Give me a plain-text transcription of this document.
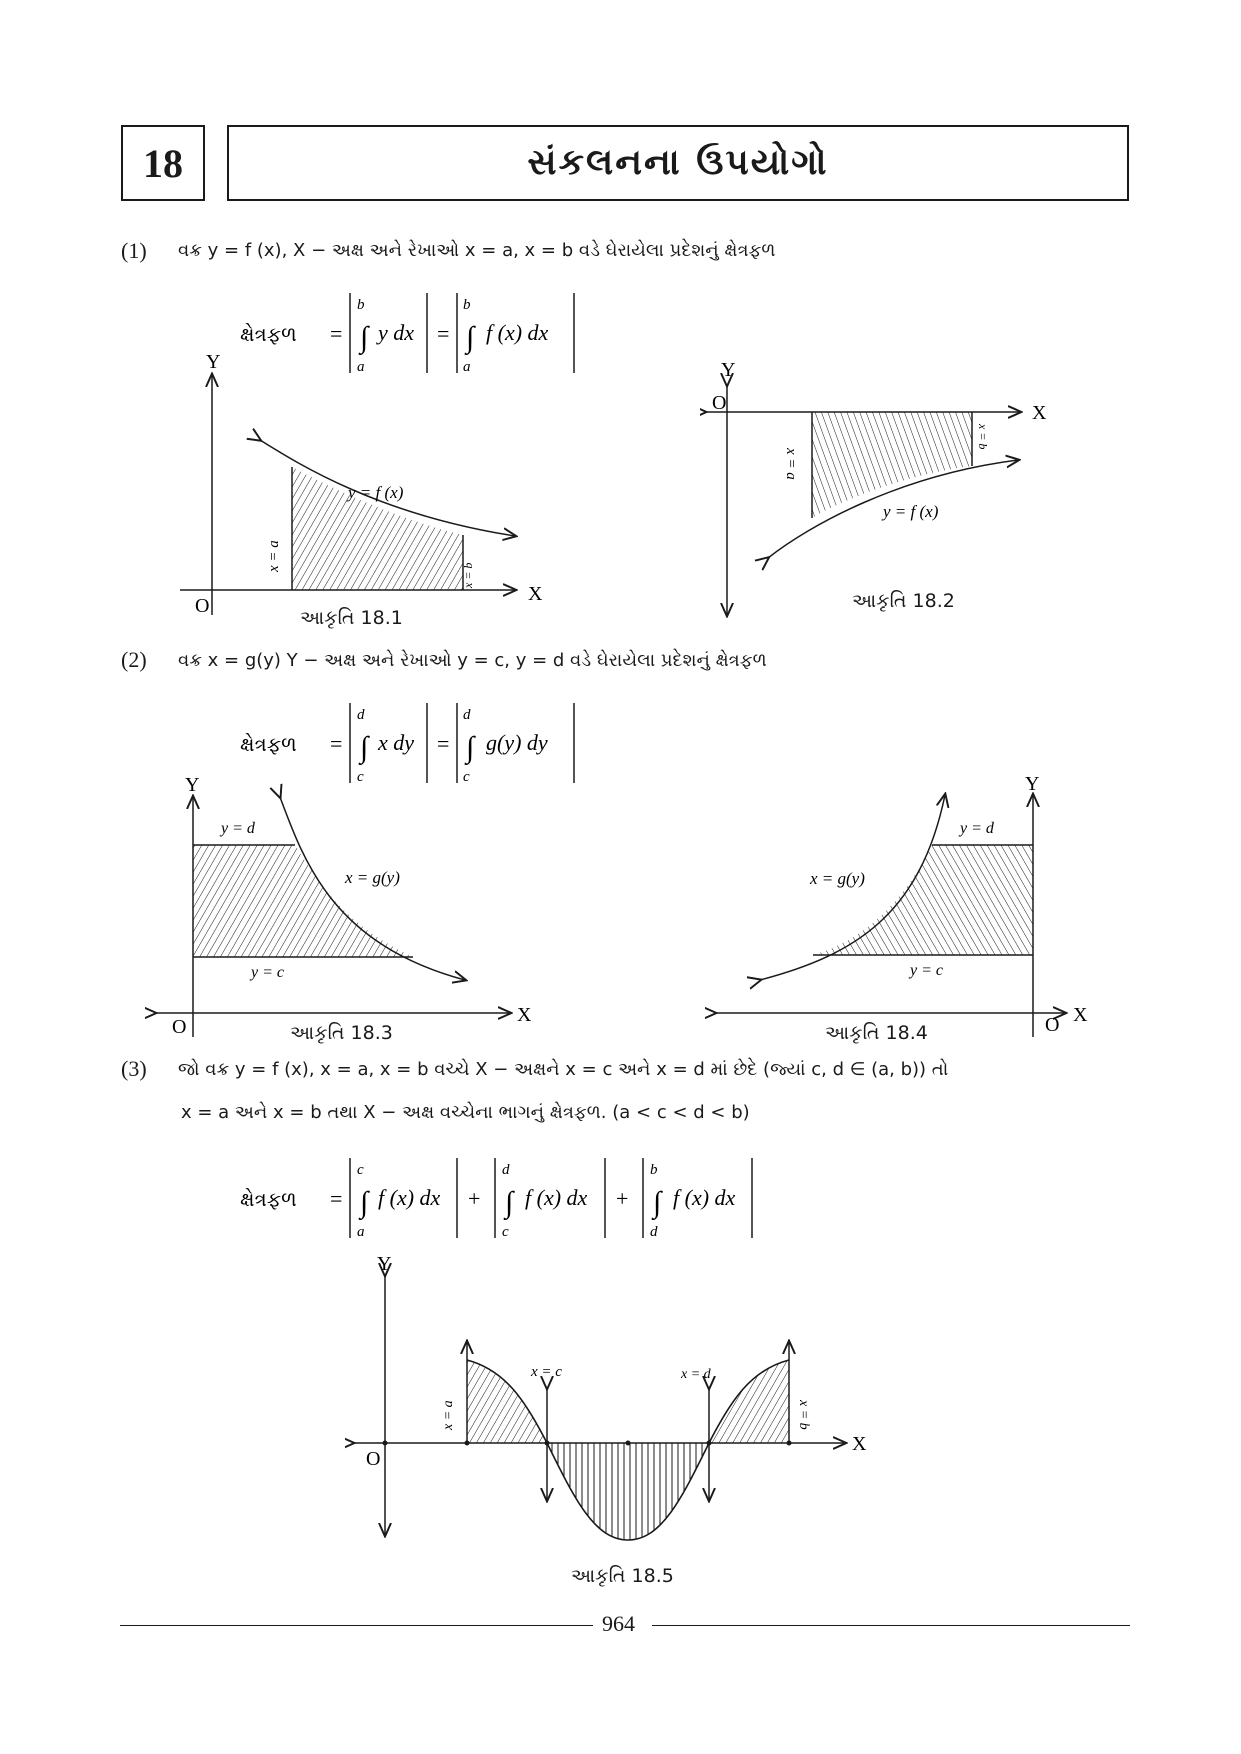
18	સંકલનના ઉપયોગો
(1) વક્ર y = f (x), X − અક્ષ અને રેખાઓ x = a, x = b વડે ઘેરાયેલા પ્રદેશનું ક્ષેત્રફળ
ક્ષેત્રફળ = ∫
b
a
y dx = ∫
b
a
f (x) dx
X
Y
O
y = f (x)
x = a
x = b
આકૃતિ 18.1
X
Y
O
y = f (x)
x = a
x = b
આકૃતિ 18.2
(2) વક્ર x = g(y) Y − અક્ષ અને રેખાઓ y = c, y = d વડે ઘેરાયેલા પ્રદેશનું ક્ષેત્રફળ
ક્ષેત્રફળ = ∫
d
c
x dy = ∫
d
c
g(y) dy
X
Y
O
x = g(y)
y = d
y = c
આકૃતિ 18.3
X
Y
O
x = g(y)
y = d
y = c
આકૃતિ 18.4
(3) જો વક્ર y = f (x), x = a, x = b વચ્ચે X − અક્ષને x = c અને x = d માં છેદે (જ્યાં c, d ∈ (a, b)) તો
x = a અને x = b તથા X − અક્ષ વચ્ચેના ભાગનું ક્ષેત્રફળ. (a < c < d < b)
ક્ષેત્રફળ = ∫
c
a
f (x) dx + ∫
d
c
f (x) dx + ∫
b
d
f (x) dx
X
Y
O
x = a	x = b
x = c	x = d
આકૃતિ 18.5
964
